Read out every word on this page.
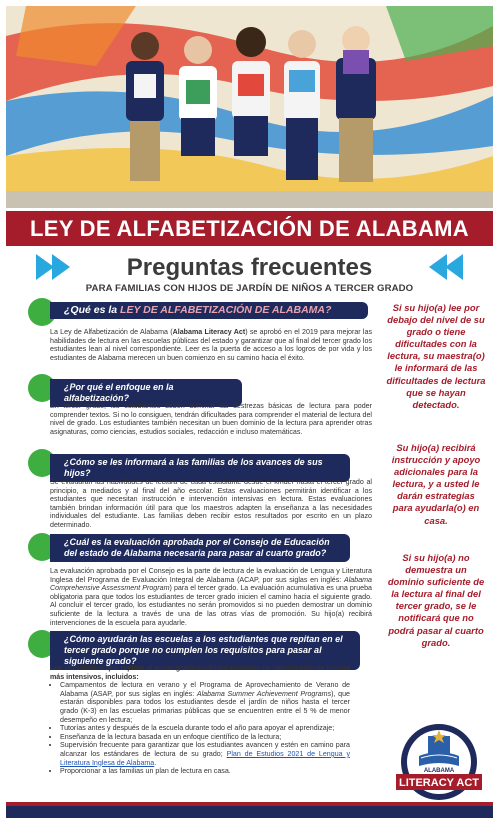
LEY DE ALFABETIZACIÓN DE ALABAMA
Preguntas frecuentes
PARA FAMILIAS CON HIJOS DE JARDÍN DE NIÑOS A TERCER GRADO
¿Qué es la LEY DE ALFABETIZACIÓN DE ALABAMA?
La Ley de Alfabetización de Alabama (Alabama Literacy Act) se aprobó en el 2019 para mejorar las habilidades de lectura en las escuelas públicas del estado y garantizar que al final del tercer grado los estudiantes lean al nivel correspondiente. Leer es la puerta de acceso a los logros de por vida y los estudiantes de Alabama merecen un buen comienzo en su camino hacia el éxito.
¿Por qué el enfoque en la alfabetización?
En tercer grado, los estudiantes deben dominar las destrezas básicas de lectura para poder comprender textos. Si no lo consiguen, tendrán dificultades para comprender el material de lectura del nivel de grado. Los estudiantes también necesitan un buen dominio de la lectura para aprender otras asignaturas, como ciencias, estudios sociales, redacción e incluso matemáticas.
¿Cómo se les informará a las familias de los avances de sus hijos?
Se evaluarán las habilidades de lectura de cada estudiante desde el kínder hasta el tercer grado al principio, a mediados y al final del año escolar. Estas evaluaciones permitirán identificar a los estudiantes que necesitan instrucción e intervención intensivas en lectura. Estas evaluaciones también brindan información útil para que los maestros adapten la enseñanza a las necesidades individuales del estudiante. Las familias deben recibir estos resultados por escrito en un plazo determinado.
¿Cuál es la evaluación aprobada por el Consejo de Educación del estado de Alabama necesaria para pasar al cuarto grado?
La evaluación aprobada por el Consejo es la parte de lectura de la evaluación de Lengua y Literatura Inglesa del Programa de Evaluación Integral de Alabama (ACAP, por sus siglas en inglés: Alabama Comprehensive Assessment Program) para el tercer grado. La evaluación acumulativa es una prueba obligatoria para que todos los estudiantes de tercer grado inicien el camino hacia el siguiente grado. Al concluir el tercer grado, los estudiantes no serán promovidos si no pueden demostrar un dominio suficiente de la lectura a través de una de las otras vías de promoción. Su hijo(a) recibirá intervenciones de la escuela para ayudarle.
¿Cómo ayudarán las escuelas a los estudiantes que repitan en el tercer grado porque no cumplen los requisitos para pasar al siguiente grado?
Los estudiantes que repitan el tercer grado recibirán servicios de intervención de lectura más intensivos, incluidos:
• Campamentos de lectura en verano y el Programa de Aprovechamiento de Verano de Alabama (ASAP, por sus siglas en inglés: Alabama Summer Achievement Programs), que estarán disponibles para todos los estudiantes desde el jardín de niños hasta el tercer grado (K-3) en las escuelas primarias públicas que se encuentren entre el 5 % de menor desempeño en lectura;
• Tutorías antes y después de la escuela durante todo el año para apoyar el aprendizaje;
• Enseñanza de la lectura basada en un enfoque científico de la lectura;
• Supervisión frecuente para garantizar que los estudiantes avancen y estén en camino para alcanzar los estándares de lectura de su grado; Plan de Estudios 2021 de Lengua y Literatura Inglesa de Alabama.
• Proporcionar a las familias un plan de lectura en casa.
Si su hijo(a) lee por debajo del nivel de su grado o tiene dificultades con la lectura, su maestra(o) le informará de las dificultades de lectura que se hayan detectado.
Su hijo(a) recibirá instrucción y apoyo adicionales para la lectura, y a usted le darán estrategias para ayudarla(o) en casa.
Si su hijo(a) no demuestra un dominio suficiente de la lectura al final del tercer grado, se le notificará que no podrá pasar al cuarto grado.
ALABAMA
LITERACY ACT
